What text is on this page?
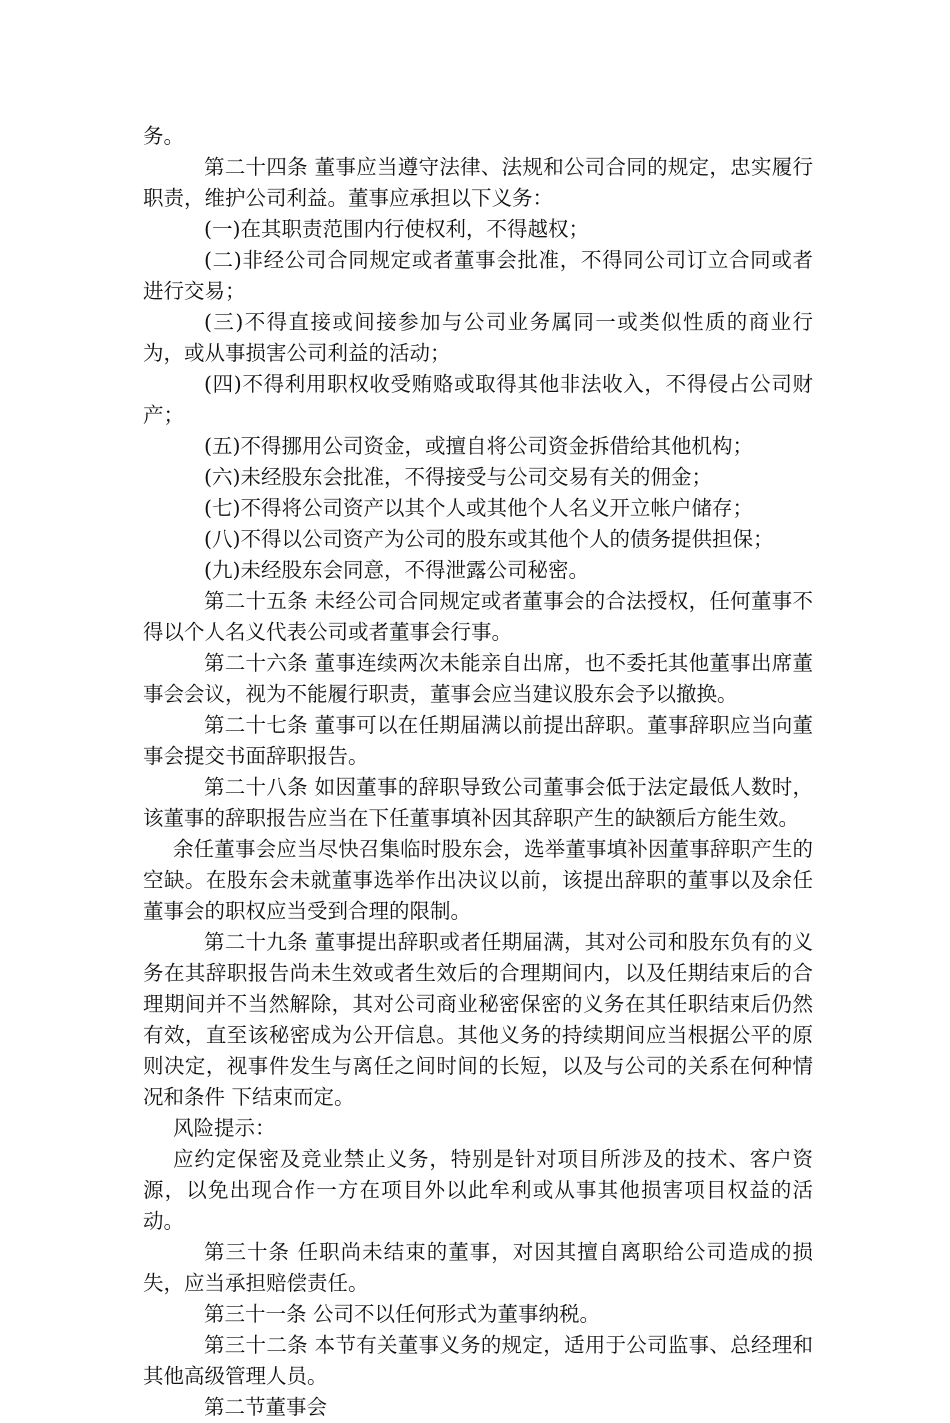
务。

第二十四条 董事应当遵守法律、法规和公司合同的规定，忠实履行职责，维护公司利益。董事应承担以下义务：

(一)在其职责范围内行使权利，不得越权；

(二)非经公司合同规定或者董事会批准，不得同公司订立合同或者进行交易；

(三)不得直接或间接参加与公司业务属同一或类似性质的商业行为，或从事损害公司利益的活动；

(四)不得利用职权收受贿赂或取得其他非法收入，不得侵占公司财产；

(五)不得挪用公司资金，或擅自将公司资金拆借给其他机构；

(六)未经股东会批准，不得接受与公司交易有关的佣金；

(七)不得将公司资产以其个人或其他个人名义开立帐户储存；

(八)不得以公司资产为公司的股东或其他个人的债务提供担保；

(九)未经股东会同意，不得泄露公司秘密。

第二十五条 未经公司合同规定或者董事会的合法授权，任何董事不得以个人名义代表公司或者董事会行事。

第二十六条 董事连续两次未能亲自出席，也不委托其他董事出席董事会会议，视为不能履行职责，董事会应当建议股东会予以撤换。

第二十七条 董事可以在任期届满以前提出辞职。董事辞职应当向董事会提交书面辞职报告。

第二十八条 如因董事的辞职导致公司董事会低于法定最低人数时，该董事的辞职报告应当在下任董事填补因其辞职产生的缺额后方能生效。

余任董事会应当尽快召集临时股东会，选举董事填补因董事辞职产生的空缺。在股东会未就董事选举作出决议以前，该提出辞职的董事以及余任董事会的职权应当受到合理的限制。

第二十九条 董事提出辞职或者任期届满，其对公司和股东负有的义务在其辞职报告尚未生效或者生效后的合理期间内，以及任期结束后的合理期间并不当然解除，其对公司商业秘密保密的义务在其任职结束后仍然有效，直至该秘密成为公开信息。其他义务的持续期间应当根据公平的原则决定，视事件发生与离任之间时间的长短，以及与公司的关系在何种情况和条件 下结束而定。

风险提示：

应约定保密及竞业禁止义务，特别是针对项目所涉及的技术、客户资源，以免出现合作一方在项目外以此牟利或从事其他损害项目权益的活动。

第三十条 任职尚未结束的董事，对因其擅自离职给公司造成的损失，应当承担赔偿责任。

第三十一条 公司不以任何形式为董事纳税。

第三十二条 本节有关董事义务的规定，适用于公司监事、总经理和其他高级管理人员。

第二节董事会
